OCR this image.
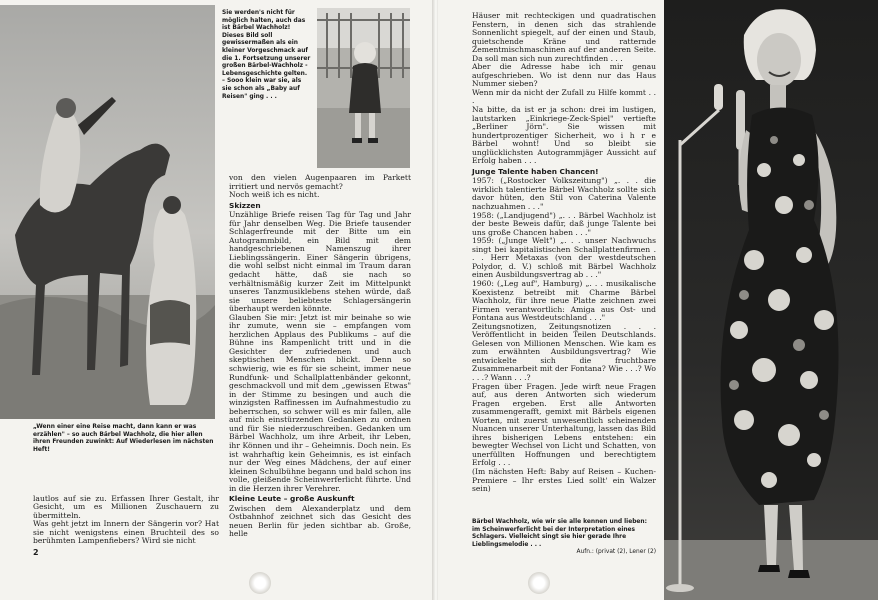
„Wenn einer eine Reise macht, dann kann er was erzählen" – so auch Bärbel Wachholz, die hier allen ihren Freunden zuwinkt: Auf Wiederlesen im nächsten Heft!

Sie werden's nicht für möglich halten, auch das ist Bärbel Wachholz! Dieses Bild soll gewissermaßen als ein kleiner Vorgeschmack auf die 1. Fortsetzung unserer großen Bärbel-Wachholz - Lebensgeschichte gelten. – Sooo klein war sie, als sie schon als „Baby auf Reisen" ging . . .

lautlos auf sie zu. Erfassen Ihrer Gestalt, ihr Gesicht, um es Millionen Zuschauern zu übermitteln.
Was geht jetzt im Innern der Sängerin vor? Hat sie nicht wenigstens einen Bruchteil des so berühmten Lampenfiebers? Wird sie nicht

von den vielen Augenpaaren im Parkett irritiert und nervös gemacht?
Noch weiß ich es nicht.

Skizzen

Unzählige Briefe reisen Tag für Tag und Jahr für Jahr denselben Weg. Die Briefe tausender Schlagerfreunde mit der Bitte um ein Autogrammbild, ein Bild mit dem handgeschriebenen Namenszug ihrer Lieblingssängerin. Einer Sängerin übrigens, die wohl selbst nicht einmal im Traum daran gedacht hätte, daß sie nach so verhältnismäßig kurzer Zeit im Mittelpunkt unseres Tanzmusiklebens stehen würde, daß sie unsere beliebteste Schlagersängerin überhaupt werden könnte.
Glauben Sie mir: Jetzt ist mir beinahe so wie ihr zumute, wenn sie – empfangen vom herzlichen Applaus des Publikums – auf die Bühne ins Rampenlicht tritt und in die Gesichter der zufriedenen und auch skeptischen Menschen blickt. Denn so schwierig, wie es für sie scheint, immer neue Rundfunk- und Schallplattenbänder gekonnt, geschmackvoll und mit dem „gewissen Etwas" in der Stimme zu besingen und auch die winzigsten Raffinessen im Aufnahmestudio zu beherrschen, so schwer will es mir fallen, alle auf mich einstürzenden Gedanken zu ordnen und für Sie niederzuschreiben. Gedanken um Bärbel Wachholz, um ihre Arbeit, ihr Leben, ihr Können und ihr – Geheimnis. Doch nein. Es ist wahrhaftig kein Geheimnis, es ist einfach nur der Weg eines Mädchens, der auf einer kleinen Schulbühne begann und bald schon ins volle, gleißende Scheinwerferlicht führte. Und in die Herzen ihrer Verehrer.

Kleine Leute – große Auskunft

Zwischen dem Alexanderplatz und dem Ostbahnhof zeichnet sich das Gesicht des neuen Berlin für jeden sichtbar ab. Große, helle

2

Häuser mit rechteckigen und quadratischen Fenstern, in denen sich das strahlende Sonnenlicht spiegelt, auf der einen und Staub, quietschende Kräne und ratternde Zementmischmaschinen auf der anderen Seite. Da soll man sich nun zurechtfinden . . .
Aber die Adresse habe ich mir genau aufgeschrieben. Wo ist denn nur das Haus Nummer sieben?
Wenn mir da nicht der Zufall zu Hilfe kommt . . .
Na bitte, da ist er ja schon: drei im lustigen, lautstarken „Einkriege-Zeck-Spiel" vertiefte „Berliner Jörn". Sie wissen mit hundertprozentiger Sicherheit, wo i h r e Bärbel wohnt! Und so bleibt sie unglücklichsten Autogrammjäger Aussicht auf Erfolg haben . . .

Junge Talente haben Chancen!

1957: („Rostocker Volkszeitung") „. . . die wirklich talentierte Bärbel Wachholz sollte sich davor hüten, den Stil von Caterina Valente nachzuahmen . . ."
1958: („Landjugend") „. . . Bärbel Wachholz ist der beste Beweis dafür, daß junge Talente bei uns große Chancen haben . . ."
1959: („Junge Welt") „. . . unser Nachwuchs singt bei kapitalistischen Schallplattenfirmen . . . Herr Metaxas (von der westdeutschen Polydor, d. V.) schloß mit Bärbel Wachholz einen Ausbildungsvertrag ab . . ."
1960: („Leg auf", Hamburg) „. . . musikalische Koexistenz betreibt mit Charme Bärbel Wachholz, für ihre neue Platte zeichnen zwei Firmen verantwortlich: Amiga aus Ost- und Fontana aus Westdeutschland . . ."
Zeitungsnotizen, Zeitungsnotizen . . . Veröffentlicht in beiden Teilen Deutschlands. Gelesen von Millionen Menschen. Wie kam es zum erwähnten Ausbildungsvertrag? Wie entwickelte sich die fruchtbare Zusammenarbeit mit der Fontana? Wie . . .? Wo . . .? Wann . . .?
Fragen über Fragen. Jede wirft neue Fragen auf, aus deren Antworten sich wiederum Fragen ergeben. Erst alle Antworten zusammengerafft, gemixt mit Bärbels eigenen Worten, mit zuerst unwesentlich scheinenden Nuancen unserer Unterhaltung, lassen das Bild ihres bisherigen Lebens entstehen: ein bewegter Wechsel von Licht und Schatten, von unerfüllten Hoffnungen und berechtigtem Erfolg . . .
(Im nächsten Heft: Baby auf Reisen – Kuchen-Premiere – Ihr erstes Lied sollt' ein Walzer sein)

Bärbel Wachholz, wie wir sie alle kennen und lieben: im Scheinwerferlicht bei der Interpretation eines Schlagers. Vielleicht singt sie hier gerade Ihre Lieblingsmelodie . . .

Aufn.: (privat (2), Lener (2)
